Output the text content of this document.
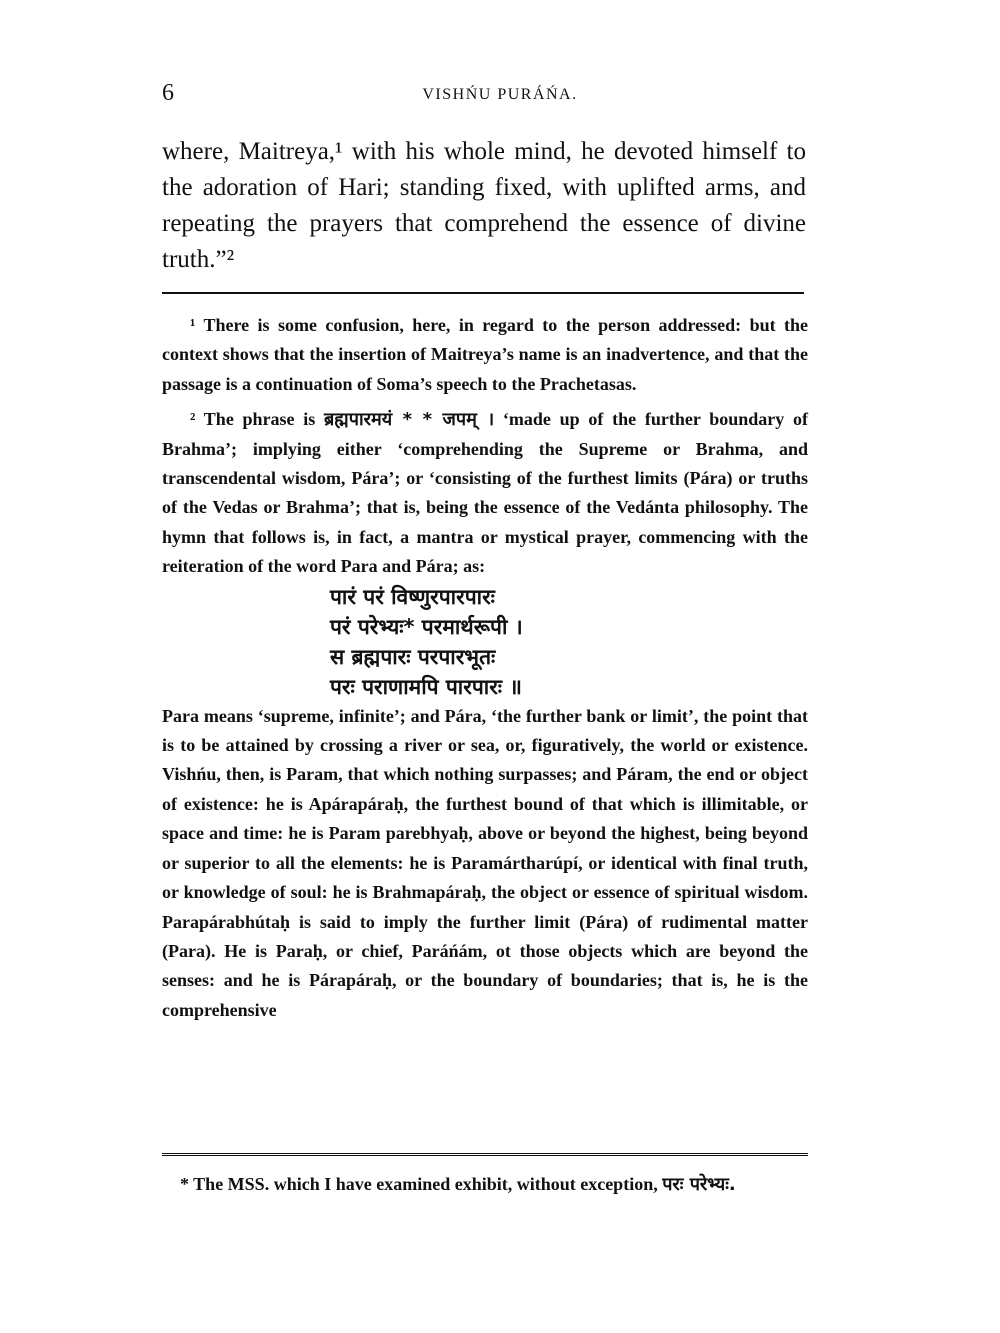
6	VISHŃU PURÁŃA.

where, Maitreya,¹ with his whole mind, he devoted himself to the adoration of Hari; standing fixed, with uplifted arms, and repeating the prayers that comprehend the essence of divine truth.”²

¹ There is some confusion, here, in regard to the person addressed: but the context shows that the insertion of Maitreya’s name is an inadvertence, and that the passage is a continuation of Soma’s speech to the Prachetasas.

² The phrase is ब्रह्मपारमयं * * जपम् । ‘made up of the further boundary of Brahma’; implying either ‘comprehending the Supreme or Brahma, and transcendental wisdom, Pára’; or ‘consisting of the furthest limits (Pára) or truths of the Vedas or Brahma’; that is, being the essence of the Vedánta philosophy. The hymn that follows is, in fact, a mantra or mystical prayer, commencing with the reiteration of the word Para and Pára; as:

पारं परं विष्णुरपारपारः
परं परेभ्यः* परमार्थरूपी ।
स ब्रह्मपारः परपारभूतः
परः पराणामपि पारपारः ॥

Para means ‘supreme, infinite’; and Pára, ‘the further bank or limit’, the point that is to be attained by crossing a river or sea, or, figuratively, the world or existence. Vishńu, then, is Param, that which nothing surpasses; and Páram, the end or object of existence: he is Apárapáraḥ, the furthest bound of that which is illimitable, or space and time: he is Param parebhyaḥ, above or beyond the highest, being beyond or superior to all the elements: he is Paramártharúpí, or identical with final truth, or knowledge of soul: he is Brahmapáraḥ, the object or essence of spiritual wisdom. Parapárabhútaḥ is said to imply the further limit (Pára) of rudimental matter (Para). He is Paraḥ, or chief, Paráńám, ot those objects which are beyond the senses: and he is Párapáraḥ, or the boundary of boundaries; that is, he is the comprehensive

* The MSS. which I have examined exhibit, without exception, परः परेभ्यः.
